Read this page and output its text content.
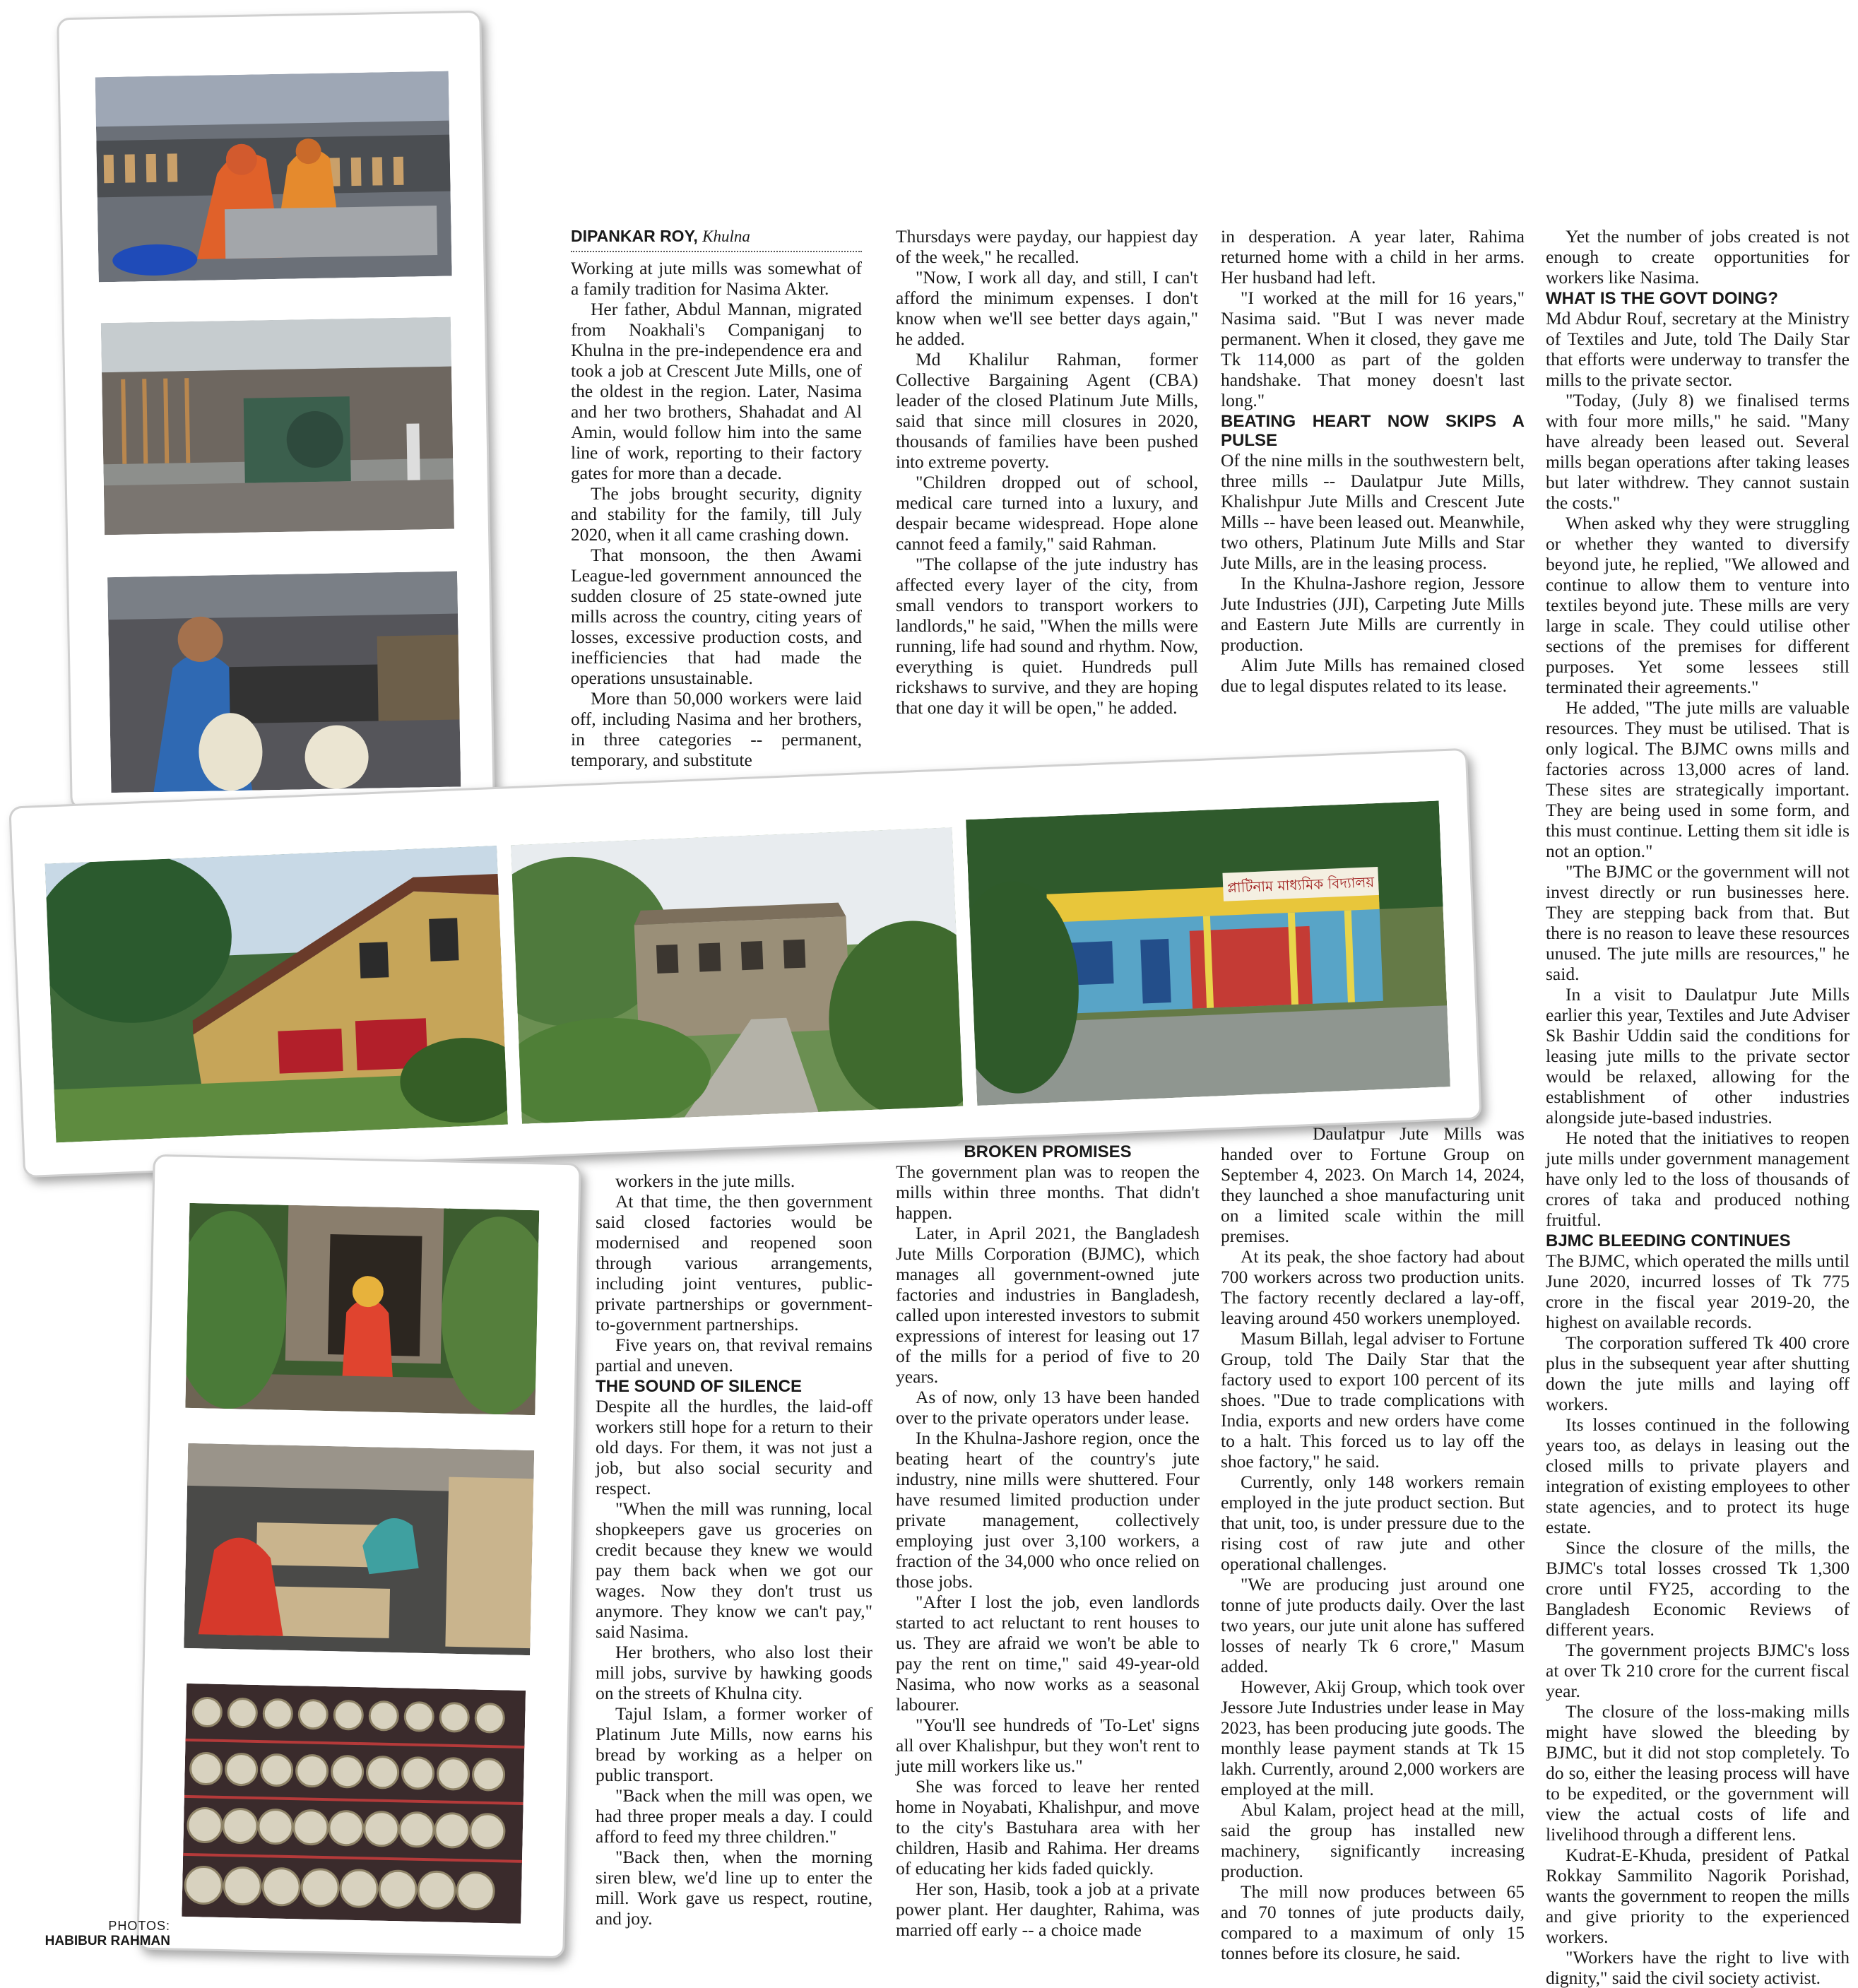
প্লাটিনাম মাধ্যমিক বিদ্যালয়
PHOTOS:
HABIBUR RAHMAN
DIPANKAR ROY, Khulna

Working at jute mills was somewhat of a family tradition for Nasima Akter.

Her father, Abdul Mannan, migrated from Noakhali's Companiganj to Khulna in the pre-independence era and took a job at Crescent Jute Mills, one of the oldest in the region. Later, Nasima and her two brothers, Shahadat and Al Amin, would follow him into the same line of work, reporting to their factory gates for more than a decade.

The jobs brought security, dignity and stability for the family, till July 2020, when it all came crashing down.

That monsoon, the then Awami League-led government announced the sudden closure of 25 state-owned jute mills across the country, citing years of losses, excessive production costs, and inefficiencies that had made the operations unsustainable.

More than 50,000 workers were laid off, including Nasima and her brothers, in three categories -- permanent, temporary, and substitute

Thursdays were payday, our happiest day of the week," he recalled.

"Now, I work all day, and still, I can't afford the minimum expenses. I don't know when we'll see better days again," he added.

Md Khalilur Rahman, former Collective Bargaining Agent (CBA) leader of the closed Platinum Jute Mills, said that since mill closures in 2020, thousands of families have been pushed into extreme poverty.

"Children dropped out of school, medical care turned into a luxury, and despair became widespread. Hope alone cannot feed a family," said Rahman.

"The collapse of the jute industry has affected every layer of the city, from small vendors to transport workers to landlords," he said, "When the mills were running, life had sound and rhythm. Now, everything is quiet. Hundreds pull rickshaws to survive, and they are hoping that one day it will be open," he added.

in desperation. A year later, Rahima returned home with a child in her arms. Her husband had left.

"I worked at the mill for 16 years," Nasima said. "But I was never made permanent. When it closed, they gave me Tk 114,000 as part of the golden handshake. That money doesn't last long."

BEATING HEART NOW SKIPS A PULSE

Of the nine mills in the southwestern belt, three mills -- Daulatpur Jute Mills, Khalishpur Jute Mills and Crescent Jute Mills -- have been leased out. Meanwhile, two others, Platinum Jute Mills and Star Jute Mills, are in the leasing process.

In the Khulna-Jashore region, Jessore Jute Industries (JJI), Carpeting Jute Mills and Eastern Jute Mills are currently in production.

Alim Jute Mills has remained closed due to legal disputes related to its lease.

Yet the number of jobs created is not enough to create opportunities for workers like Nasima.

WHAT IS THE GOVT DOING?

Md Abdur Rouf, secretary at the Ministry of Textiles and Jute, told The Daily Star that efforts were underway to transfer the mills to the private sector.

"Today, (July 8) we finalised terms with four more mills," he said. "Many have already been leased out. Several mills began operations after taking leases but later withdrew. They cannot sustain the costs."

When asked why they were struggling or whether they wanted to diversify beyond jute, he replied, "We allowed and continue to allow them to venture into textiles beyond jute. These mills are very large in scale. They could utilise other sections of the premises for different purposes. Yet some lessees still terminated their agreements."

He added, "The jute mills are valuable resources. They must be utilised. That is only logical. The BJMC owns mills and factories across 13,000 acres of land. These sites are strategically important. They are being used in some form, and this must continue. Letting them sit idle is not an option."

"The BJMC or the government will not invest directly or run businesses here. They are stepping back from that. But there is no reason to leave these resources unused. The jute mills are resources," he said.

In a visit to Daulatpur Jute Mills earlier this year, Textiles and Jute Adviser Sk Bashir Uddin said the conditions for leasing jute mills to the private sector would be relaxed, allowing for the establishment of other industries alongside jute-based industries.

He noted that the initiatives to reopen jute mills under government management have only led to the loss of thousands of crores of taka and produced nothing fruitful.

BJMC BLEEDING CONTINUES

The BJMC, which operated the mills until June 2020, incurred losses of Tk 775 crore in the fiscal year 2019-20, the highest on available records.

The corporation suffered Tk 400 crore plus in the subsequent year after shutting down the jute mills and laying off workers.

Its losses continued in the following years too, as delays in leasing out the closed mills to private players and integration of existing employees to other state agencies, and to protect its huge estate.

Since the closure of the mills, the BJMC's total losses crossed Tk 1,300 crore until FY25, according to the Bangladesh Economic Reviews of different years.

The government projects BJMC's loss at over Tk 210 crore for the current fiscal year.

The closure of the loss-making mills might have slowed the bleeding by BJMC, but it did not stop completely. To do so, either the leasing process will have to be expedited, or the government will view the actual costs of life and livelihood through a different lens.

Kudrat-E-Khuda, president of Patkal Rokkay Sammilito Nagorik Porishad, wants the government to reopen the mills and give priority to the experienced workers.

"Workers have the right to live with dignity," said the civil society activist.

workers in the jute mills.

At that time, the then government said closed factories would be modernised and reopened soon through various arrangements, including joint ventures, public-private partnerships or government-to-government partnerships.

Five years on, that revival remains partial and uneven.

THE SOUND OF SILENCE

Despite all the hurdles, the laid-off workers still hope for a return to their old days. For them, it was not just a job, but also social security and respect.

"When the mill was running, local shopkeepers gave us groceries on credit because they knew we would pay them back when we got our wages. Now they don't trust us anymore. They know we can't pay," said Nasima.

Her brothers, who also lost their mill jobs, survive by hawking goods on the streets of Khulna city.

Tajul Islam, a former worker of Platinum Jute Mills, now earns his bread by working as a helper on public transport.

"Back when the mill was open, we had three proper meals a day. I could afford to feed my three children."

"Back then, when the morning siren blew, we'd line up to enter the mill. Work gave us respect, routine, and joy.

BROKEN PROMISES

The government plan was to reopen the mills within three months. That didn't happen.

Later, in April 2021, the Bangladesh Jute Mills Corporation (BJMC), which manages all government-owned jute factories and industries in Bangladesh, called upon interested investors to submit expressions of interest for leasing out 17 of the mills for a period of five to 20 years.

As of now, only 13 have been handed over to the private operators under lease.

In the Khulna-Jashore region, once the beating heart of the country's jute industry, nine mills were shuttered. Four have resumed limited production under private management, collectively employing just over 3,100 workers, a fraction of the 34,000 who once relied on those jobs.

"After I lost the job, even landlords started to act reluctant to rent houses to us. They are afraid we won't be able to pay the rent on time," said 49-year-old Nasima, who now works as a seasonal labourer.

"You'll see hundreds of 'To-Let' signs all over Khalishpur, but they won't rent to jute mill workers like us."

She was forced to leave her rented home in Noyabati, Khalishpur, and move to the city's Bastuhara area with her children, Hasib and Rahima. Her dreams of educating her kids faded quickly.

Her son, Hasib, took a job at a private power plant. Her daughter, Rahima, was married off early -- a choice made

Daulatpur Jute Mills was handed over to Fortune Group on September 4, 2023. On March 14, 2024, they launched a shoe manufacturing unit on a limited scale within the mill premises.

At its peak, the shoe factory had about 700 workers across two production units. The factory recently declared a lay-off, leaving around 450 workers unemployed.

Masum Billah, legal adviser to Fortune Group, told The Daily Star that the factory used to export 100 percent of its shoes. "Due to trade complications with India, exports and new orders have come to a halt. This forced us to lay off the shoe factory," he said.

Currently, only 148 workers remain employed in the jute product section. But that unit, too, is under pressure due to the rising cost of raw jute and other operational challenges.

"We are producing just around one tonne of jute products daily. Over the last two years, our jute unit alone has suffered losses of nearly Tk 6 crore," Masum added.

However, Akij Group, which took over Jessore Jute Industries under lease in May 2023, has been producing jute goods. The monthly lease payment stands at Tk 15 lakh. Currently, around 2,000 workers are employed at the mill.

Abul Kalam, project head at the mill, said the group has installed new machinery, significantly increasing production.

The mill now produces between 65 and 70 tonnes of jute products daily, compared to a maximum of only 15 tonnes before its closure, he said.
